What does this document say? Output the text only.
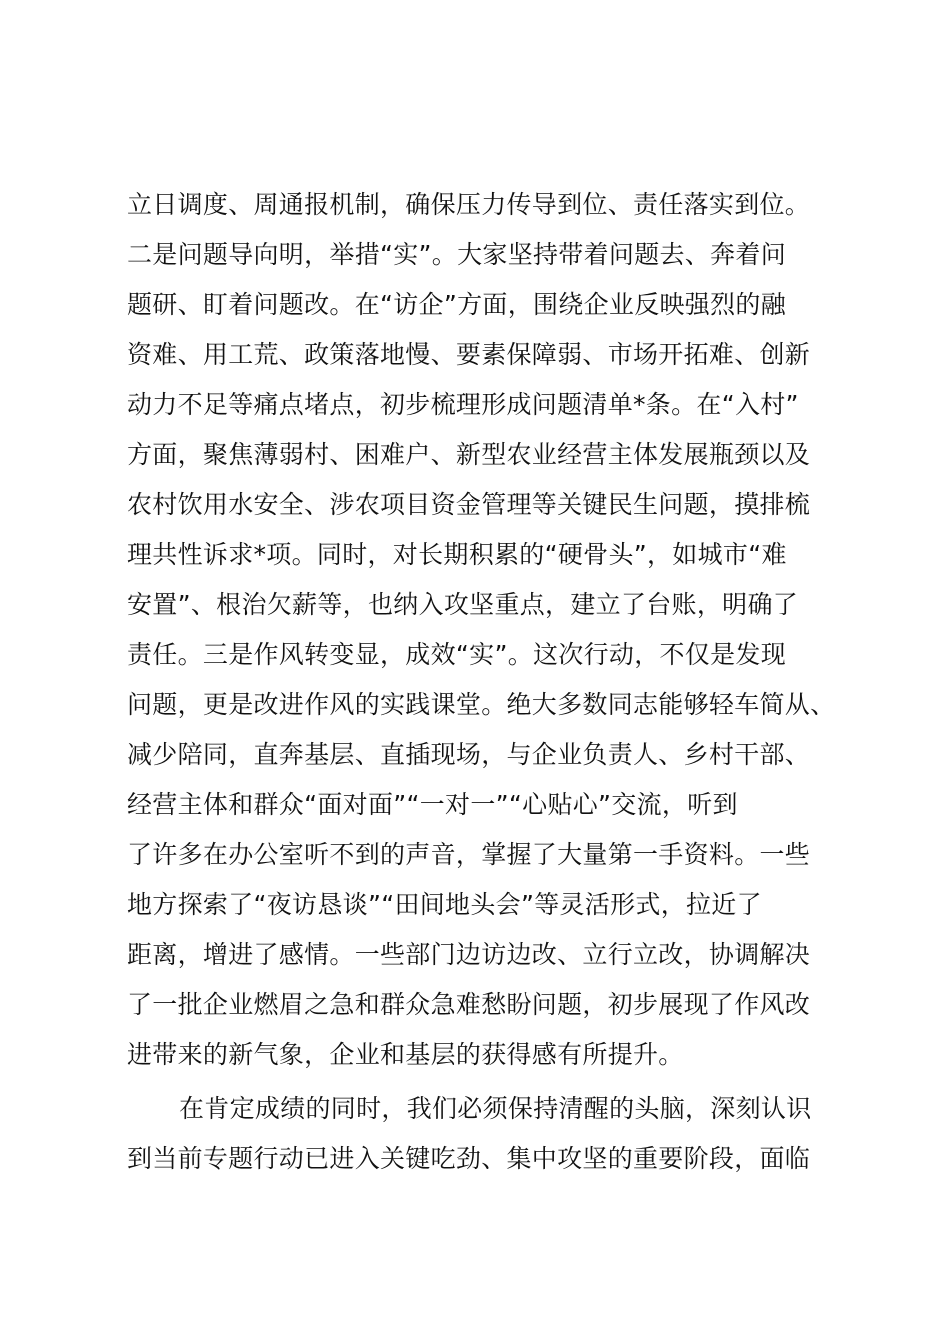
立日调度、周通报机制，确保压力传导到位、责任落实到位。
二是问题导向明，举措“实”。大家坚持带着问题去、奔着问
题研、盯着问题改。在“访企”方面，围绕企业反映强烈的融
资难、用工荒、政策落地慢、要素保障弱、市场开拓难、创新
动力不足等痛点堵点，初步梳理形成问题清单*条。在“入村”
方面，聚焦薄弱村、困难户、新型农业经营主体发展瓶颈以及
农村饮用水安全、涉农项目资金管理等关键民生问题，摸排梳
理共性诉求*项。同时，对长期积累的“硬骨头”，如城市“难
安置”、根治欠薪等，也纳入攻坚重点，建立了台账，明确了
责任。三是作风转变显，成效“实”。这次行动，不仅是发现
问题，更是改进作风的实践课堂。绝大多数同志能够轻车简从、
减少陪同，直奔基层、直插现场，与企业负责人、乡村干部、
经营主体和群众“面对面”“一对一”“心贴心”交流，听到
了许多在办公室听不到的声音，掌握了大量第一手资料。一些
地方探索了“夜访恳谈”“田间地头会”等灵活形式，拉近了
距离，增进了感情。一些部门边访边改、立行立改，协调解决
了一批企业燃眉之急和群众急难愁盼问题，初步展现了作风改
进带来的新气象，企业和基层的获得感有所提升。
在肯定成绩的同时，我们必须保持清醒的头脑，深刻认识
到当前专题行动已进入关键吃劲、集中攻坚的重要阶段，面临
